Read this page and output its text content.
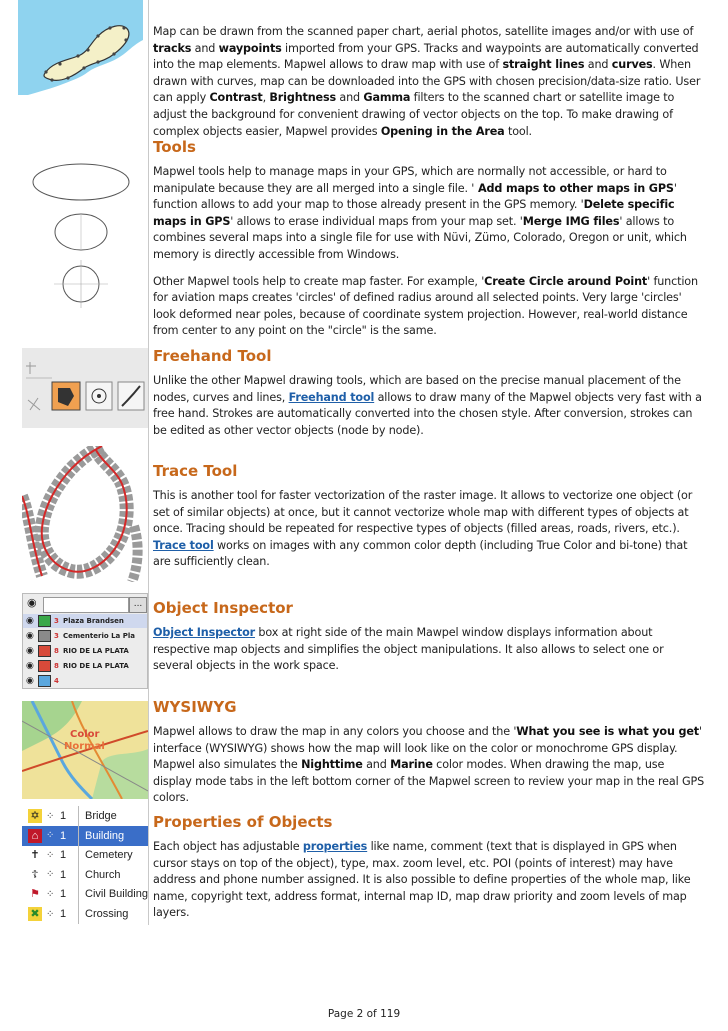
◉	...
◉	3 Plaza Brandsen
◉	3 Cementerio La Pla
◉	8 RIO DE LA PLATA
◉	8 RIO DE LA PLATA
◉	4
Color
Normal
✡ ⁘ 1	Bridge
⌂ ⁘ 1	Building
✝ ⁘ 1	Cemetery
☦ ⁘ 1	Church
⚑ ⁘ 1	Civil Building
✖ ⁘ 1	Crossing

Map can be drawn from the scanned paper chart, aerial photos, satellite images and/or with use of tracks and waypoints imported from your GPS. Tracks and waypoints are automatically converted into the map elements. Mapwel allows to draw map with use of straight lines and curves. When drawn with curves, map can be downloaded into the GPS with chosen precision/data-size ratio. User can apply Contrast, Brightness and Gamma filters to the scanned chart or satellite image to adjust the background for convenient drawing of vector objects on the top. To make drawing of complex objects easier, Mapwel provides Opening in the Area tool.

Tools

Mapwel tools help to manage maps in your GPS, which are normally not accessible, or hard to manipulate because they are all merged into a single file. ' Add maps to other maps in GPS' function allows to add your map to those already present in the GPS memory. 'Delete specific maps in GPS' allows to erase individual maps from your map set. 'Merge IMG files' allows to combines several maps into a single file for use with Nüvi, Zümo, Colorado, Oregon or unit, which memory is directly accessible from Windows.

Other Mapwel tools help to create map faster. For example, 'Create Circle around Point' function for aviation maps creates 'circles' of defined radius around all selected points. Very large 'circles' look deformed near poles, because of coordinate system projection. However, real-world distance from center to any point on the "circle" is the same.

Freehand Tool

Unlike the other Mapwel drawing tools, which are based on the precise manual placement of the nodes, curves and lines, Freehand tool allows to draw many of the Mapwel objects very fast with a free hand. Strokes are automatically converted into the chosen style. After conversion, strokes can be edited as other vector objects (node by node).

Trace Tool

This is another tool for faster vectorization of the raster image. It allows to vectorize one object (or set of similar objects) at once, but it cannot vectorize whole map with different types of objects at once. Tracing should be repeated for respective types of objects (filled areas, roads, rivers, etc.). Trace tool works on images with any common color depth (including True Color and bi-tone) that are sufficiently clean.

Object Inspector

Object Inspector box at right side of the main Mawpel window displays information about respective map objects and simplifies the object manipulations. It also allows to select one or several objects in the work space.

WYSIWYG

Mapwel allows to draw the map in any colors you choose and the 'What you see is what you get' interface (WYSIWYG) shows how the map will look like on the color or monochrome GPS display. Mapwel also simulates the Nighttime and Marine color modes. When drawing the map, use display mode tabs in the left bottom corner of the Mapwel screen to review your map in the real GPS colors.

Properties of Objects

Each object has adjustable properties like name, comment (text that is displayed in GPS when cursor stays on top of the object), type, max. zoom level, etc. POI (points of interest) may have address and phone number assigned. It is also possible to define properties of the whole map, like name, copyright text, address format, internal map ID, map draw priority and zoom levels of map layers.

Page 2 of 119
